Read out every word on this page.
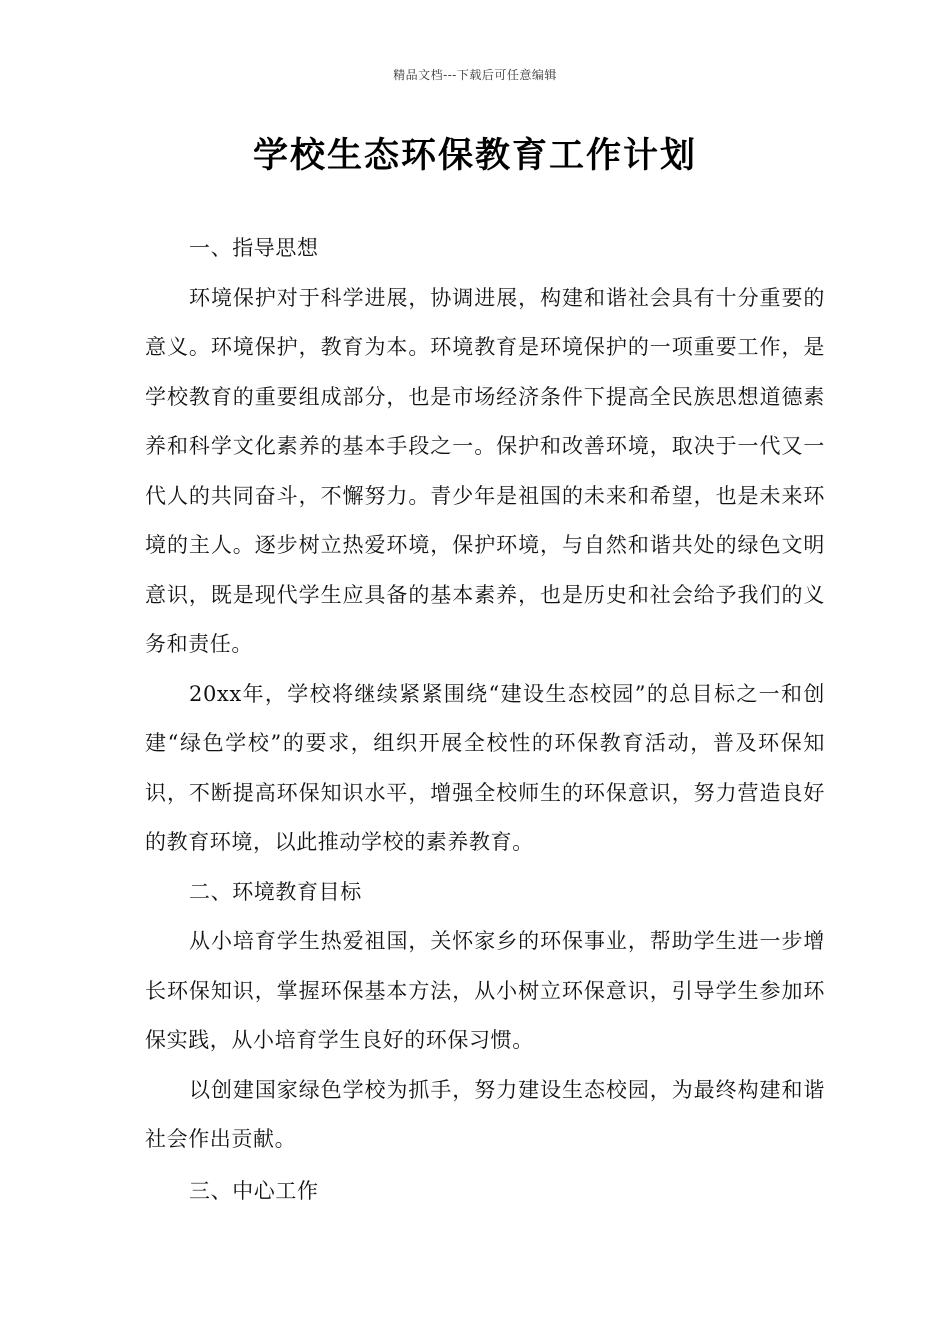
精品文档---下载后可任意编辑
学校生态环保教育工作计划

一、指导思想

环境保护对于科学进展，协调进展，构建和谐社会具有十分重要的意义。环境保护，教育为本。环境教育是环境保护的一项重要工作，是学校教育的重要组成部分，也是市场经济条件下提高全民族思想道德素养和科学文化素养的基本手段之一。保护和改善环境，取决于一代又一代人的共同奋斗，不懈努力。青少年是祖国的未来和希望，也是未来环境的主人。逐步树立热爱环境，保护环境，与自然和谐共处的绿色文明意识，既是现代学生应具备的基本素养，也是历史和社会给予我们的义务和责任。

20xx年，学校将继续紧紧围绕“建设生态校园”的总目标之一和创建“绿色学校”的要求，组织开展全校性的环保教育活动，普及环保知识，不断提高环保知识水平，增强全校师生的环保意识，努力营造良好的教育环境，以此推动学校的素养教育。

二、环境教育目标

从小培育学生热爱祖国，关怀家乡的环保事业，帮助学生进一步增长环保知识，掌握环保基本方法，从小树立环保意识，引导学生参加环保实践，从小培育学生良好的环保习惯。

以创建国家绿色学校为抓手，努力建设生态校园，为最终构建和谐社会作出贡献。

三、中心工作
